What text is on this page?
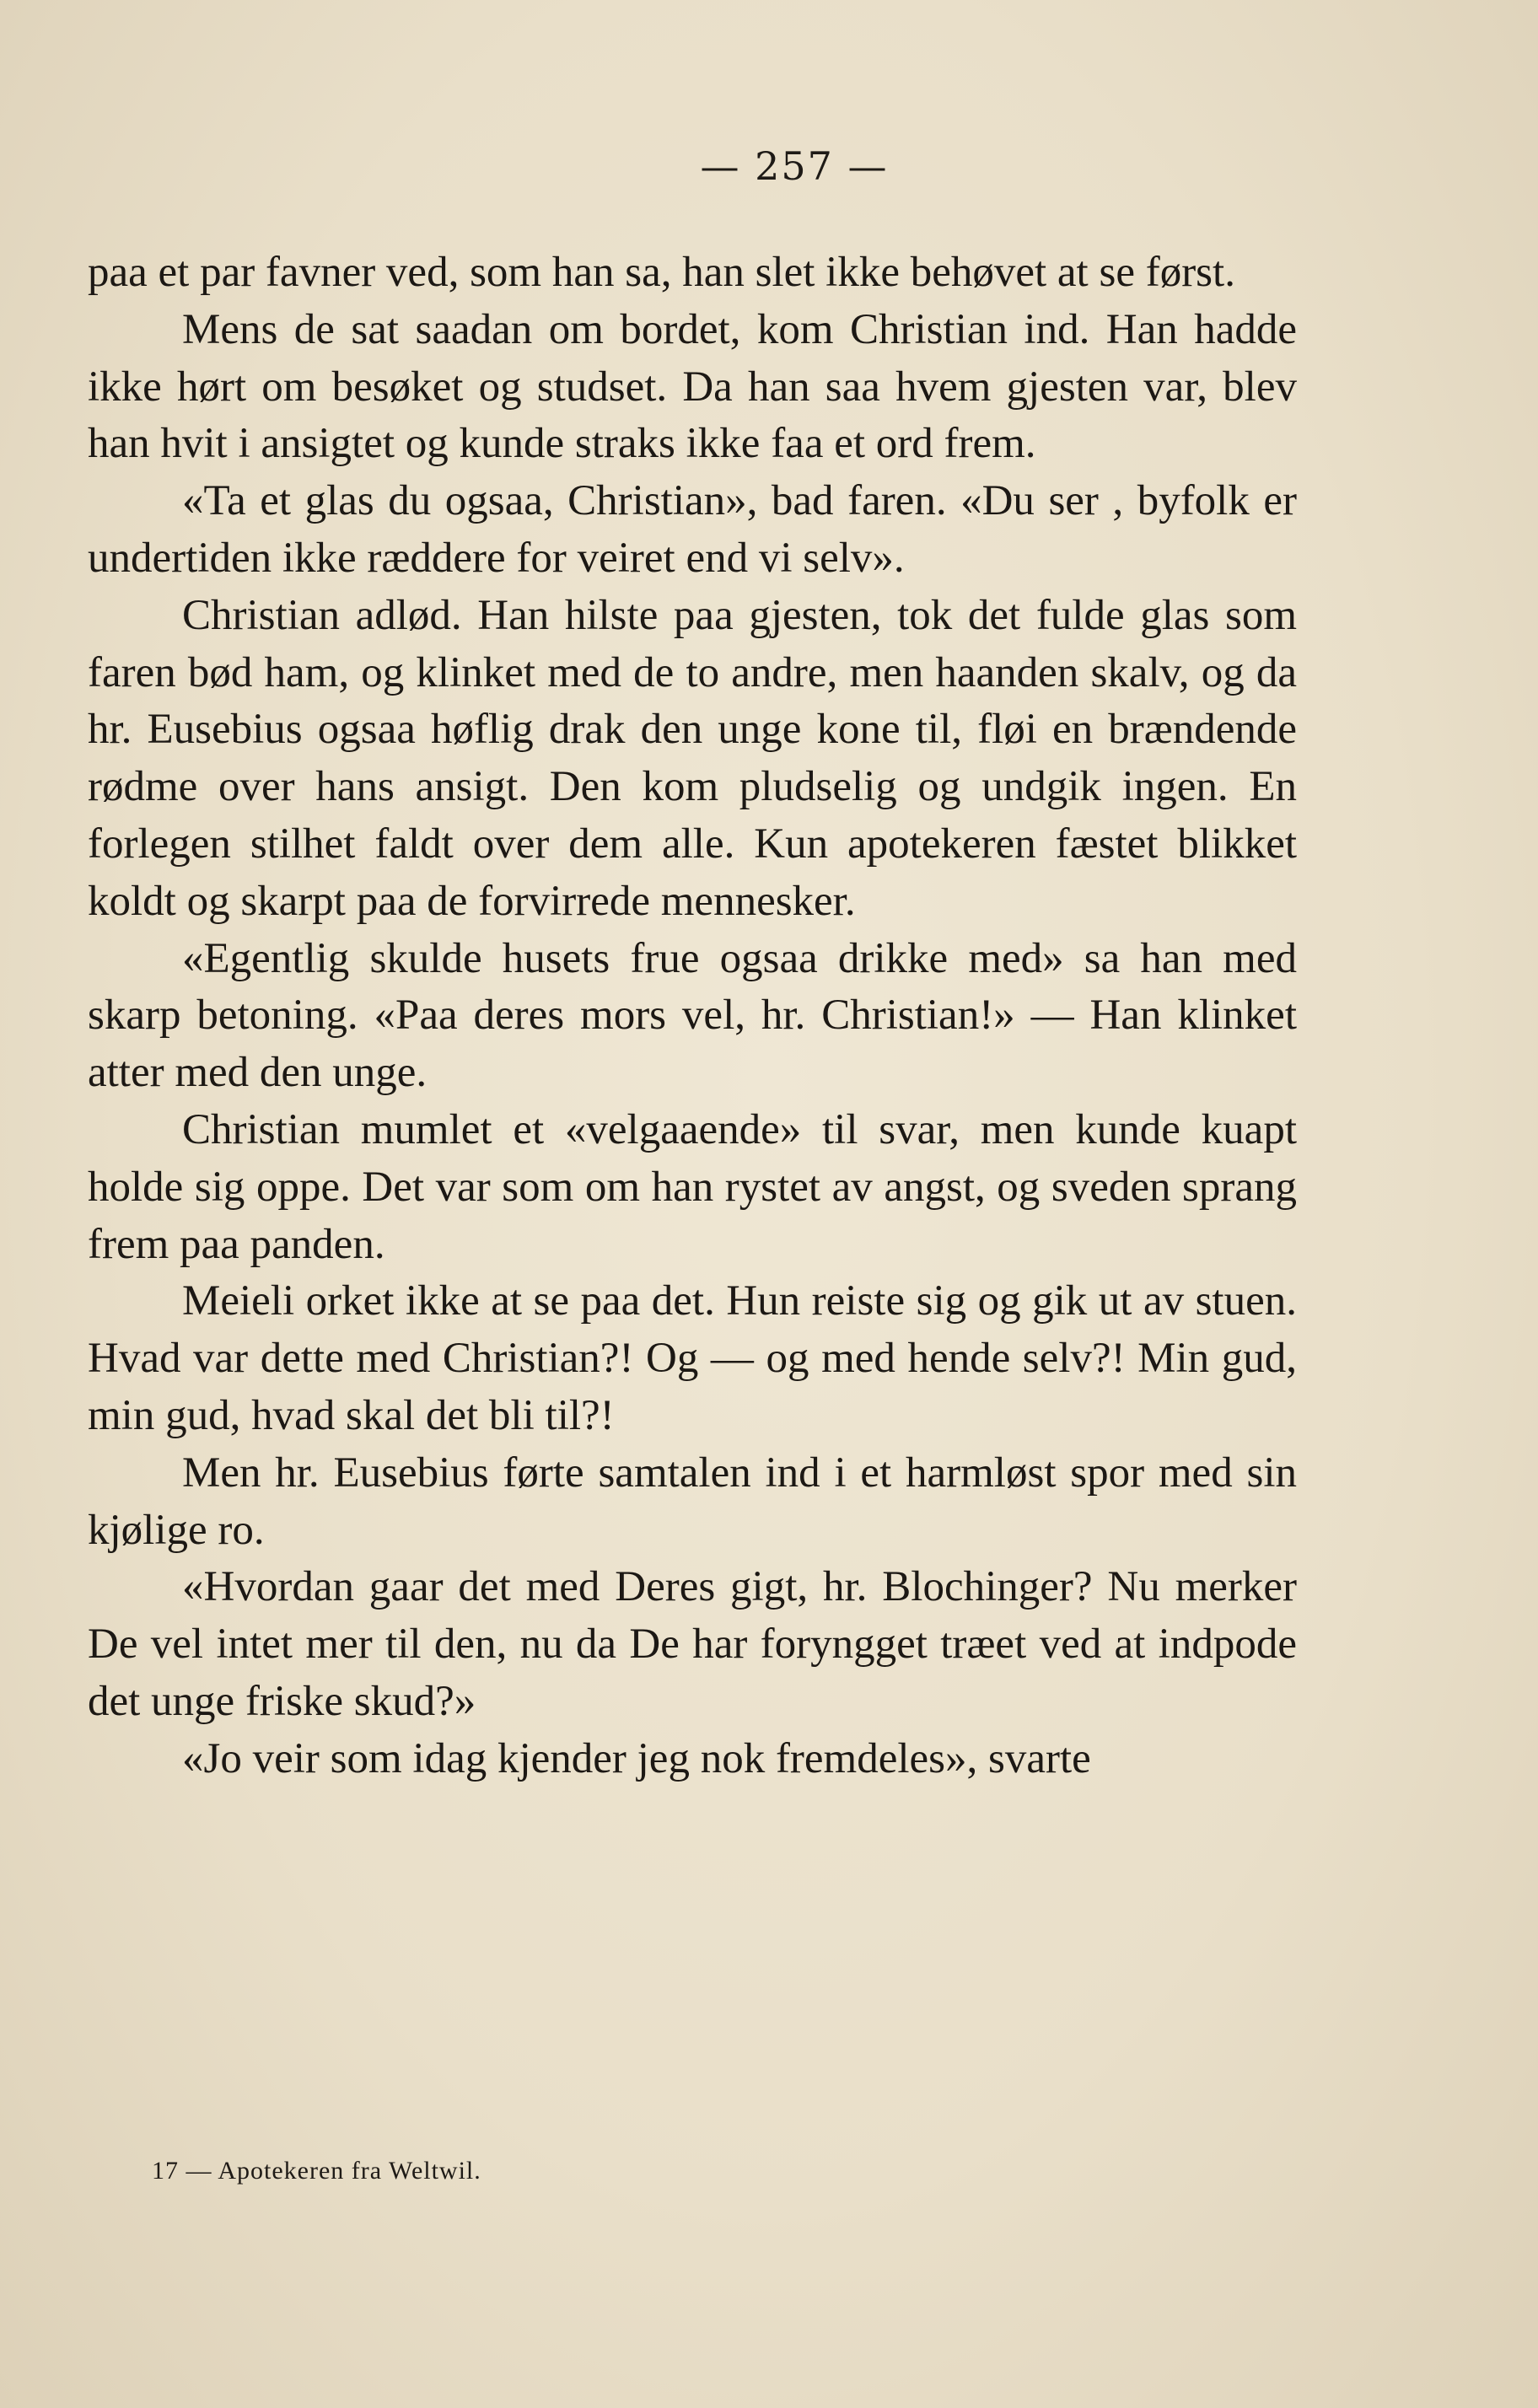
— 257 —

paa et par favner ved, som han sa, han slet ikke behøvet at se først.

Mens de sat saadan om bordet, kom Christian ind. Han hadde ikke hørt om besøket og studset. Da han saa hvem gjesten var, blev han hvit i ansigtet og kunde straks ikke faa et ord frem.

«Ta et glas du ogsaa, Christian», bad faren. «Du ser , byfolk er undertiden ikke ræddere for veiret end vi selv».

Christian adlød. Han hilste paa gjesten, tok det fulde glas som faren bød ham, og klinket med de to andre, men haanden skalv, og da hr. Eusebius ogsaa høflig drak den unge kone til, fløi en brændende rødme over hans ansigt. Den kom pludselig og undgik ingen. En forlegen stilhet faldt over dem alle. Kun apotekeren fæstet blikket koldt og skarpt paa de forvirrede mennesker.

«Egentlig skulde husets frue ogsaa drikke med» sa han med skarp betoning. «Paa deres mors vel, hr. Christian!» — Han klinket atter med den unge.

Christian mumlet et «velgaaende» til svar, men kunde kuapt holde sig oppe. Det var som om han rystet av angst, og sveden sprang frem paa panden.

Meieli orket ikke at se paa det. Hun reiste sig og gik ut av stuen. Hvad var dette med Christian?! Og — og med hende selv?! Min gud, min gud, hvad skal det bli til?!

Men hr. Eusebius førte samtalen ind i et harmløst spor med sin kjølige ro.

«Hvordan gaar det med Deres gigt, hr. Blochinger? Nu merker De vel intet mer til den, nu da De har foryngget træet ved at indpode det unge friske skud?»

«Jo veir som idag kjender jeg nok fremdeles», svarte

17 — Apotekeren fra Weltwil.
